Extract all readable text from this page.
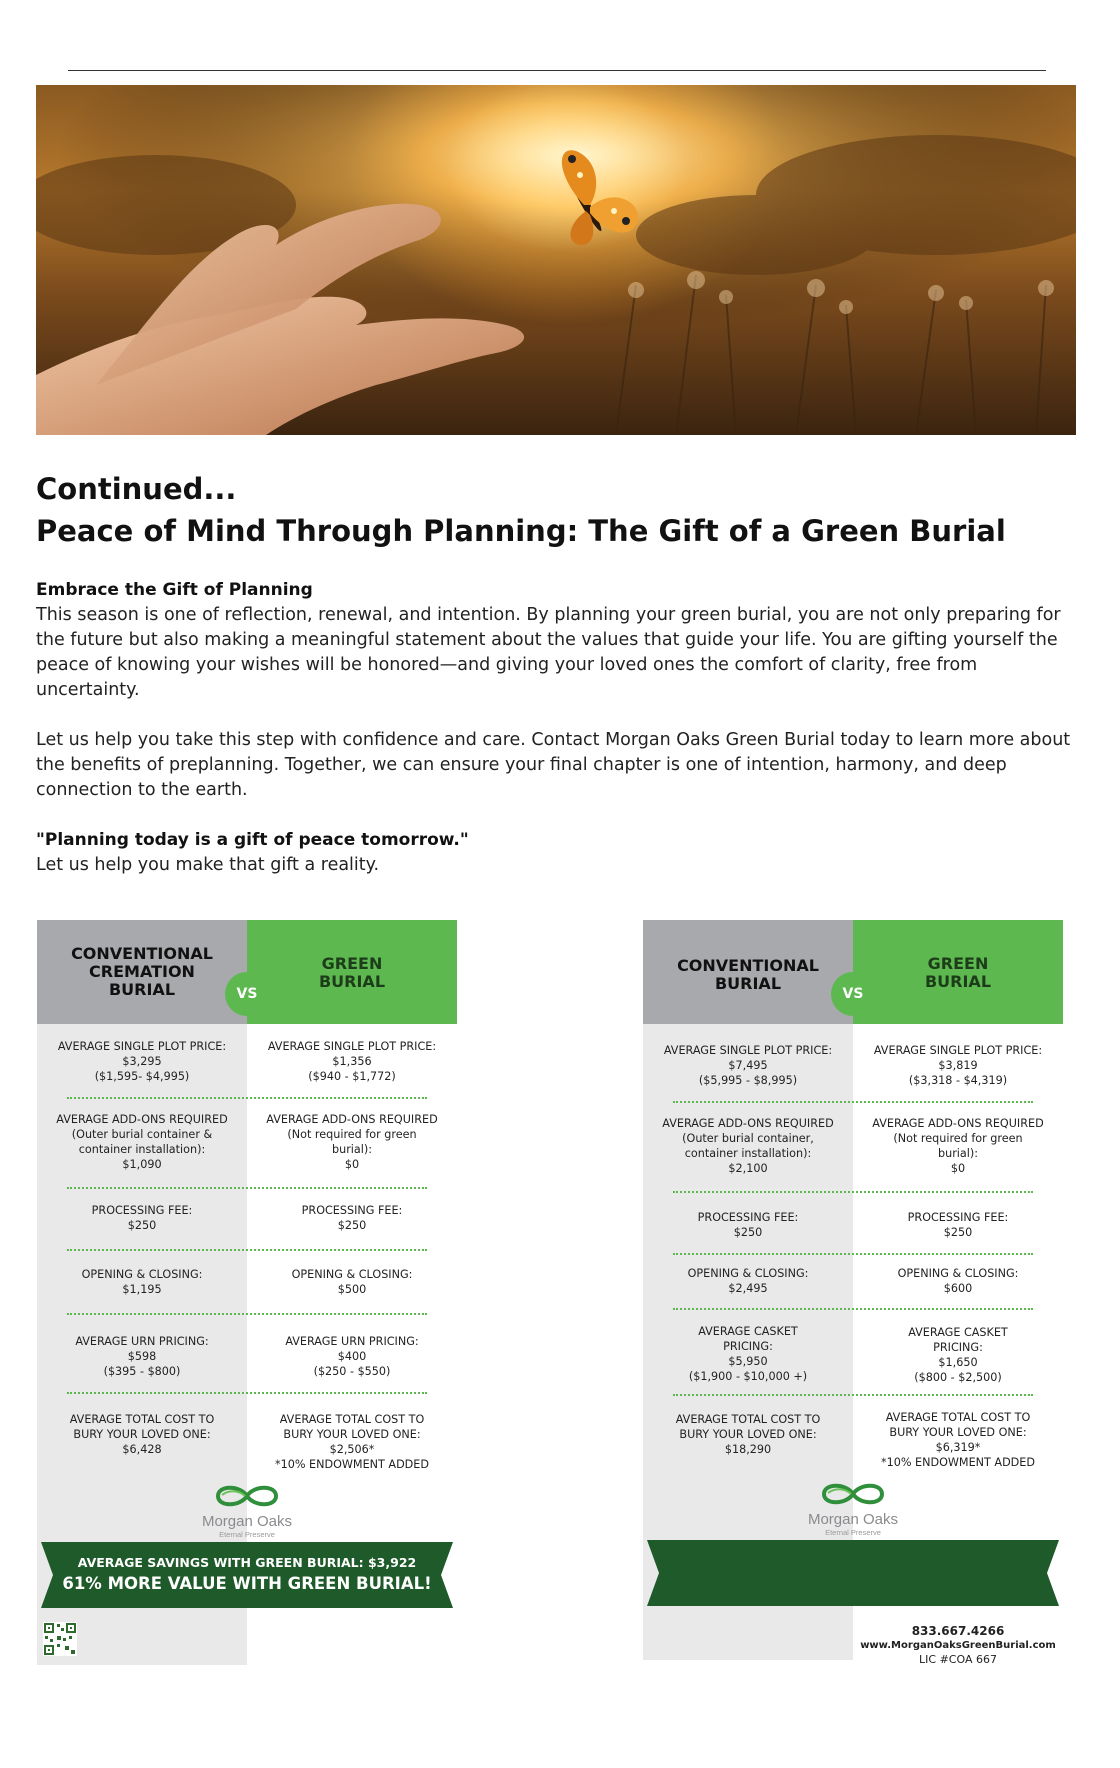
Continued...
Peace of Mind Through Planning: The Gift of a Green Burial
Embrace the Gift of Planning
This season is one of reflection, renewal, and intention. By planning your green burial, you are not only preparing for the future but also making a meaningful statement about the values that guide your life. You are gifting yourself the peace of knowing your wishes will be honored—and giving your loved ones the comfort of clarity, free from uncertainty.
Let us help you take this step with confidence and care. Contact Morgan Oaks Green Burial today to learn more about the benefits of preplanning. Together, we can ensure your final chapter is one of intention, harmony, and deep connection to the earth.
"Planning today is a gift of peace tomorrow."
Let us help you make that gift a reality.
CONVENTIONAL
CREMATION
BURIAL
GREEN
BURIAL
VS
AVERAGE SINGLE PLOT PRICE:
$3,295
($1,595- $4,995)
AVERAGE SINGLE PLOT PRICE:
$1,356
($940 - $1,772)
AVERAGE ADD-ONS REQUIRED
(Outer burial container &
container installation):
$1,090
AVERAGE ADD-ONS REQUIRED
(Not required for green
burial):
$0
PROCESSING FEE:
$250
PROCESSING FEE:
$250
OPENING & CLOSING:
$1,195
OPENING & CLOSING:
$500
AVERAGE URN PRICING:
$598
($395 - $800)
AVERAGE URN PRICING:
$400
($250 - $550)
AVERAGE TOTAL COST TO
BURY YOUR LOVED ONE:
$6,428
AVERAGE TOTAL COST TO
BURY YOUR LOVED ONE:
$2,506*
*10% ENDOWMENT ADDED
Morgan Oaks
Eternal Preserve
AVERAGE SAVINGS WITH GREEN BURIAL: $3,922
61% MORE VALUE WITH GREEN BURIAL!
CONVENTIONAL
BURIAL
GREEN
BURIAL
VS
AVERAGE SINGLE PLOT PRICE:
$7,495
($5,995 - $8,995)
AVERAGE SINGLE PLOT PRICE:
$3,819
($3,318 - $4,319)
AVERAGE ADD-ONS REQUIRED
(Outer burial container,
container installation):
$2,100
AVERAGE ADD-ONS REQUIRED
(Not required for green
burial):
$0
PROCESSING FEE:
$250
PROCESSING FEE:
$250
OPENING & CLOSING:
$2,495
OPENING & CLOSING:
$600
AVERAGE CASKET
PRICING:
$5,950
($1,900 - $10,000 +)
AVERAGE CASKET
PRICING:
$1,650
($800 - $2,500)
AVERAGE TOTAL COST TO
BURY YOUR LOVED ONE:
$18,290
AVERAGE TOTAL COST TO
BURY YOUR LOVED ONE:
$6,319*
*10% ENDOWMENT ADDED
Morgan Oaks
Eternal Preserve
833.667.4266
www.MorganOaksGreenBurial.com
LIC #COA 667
